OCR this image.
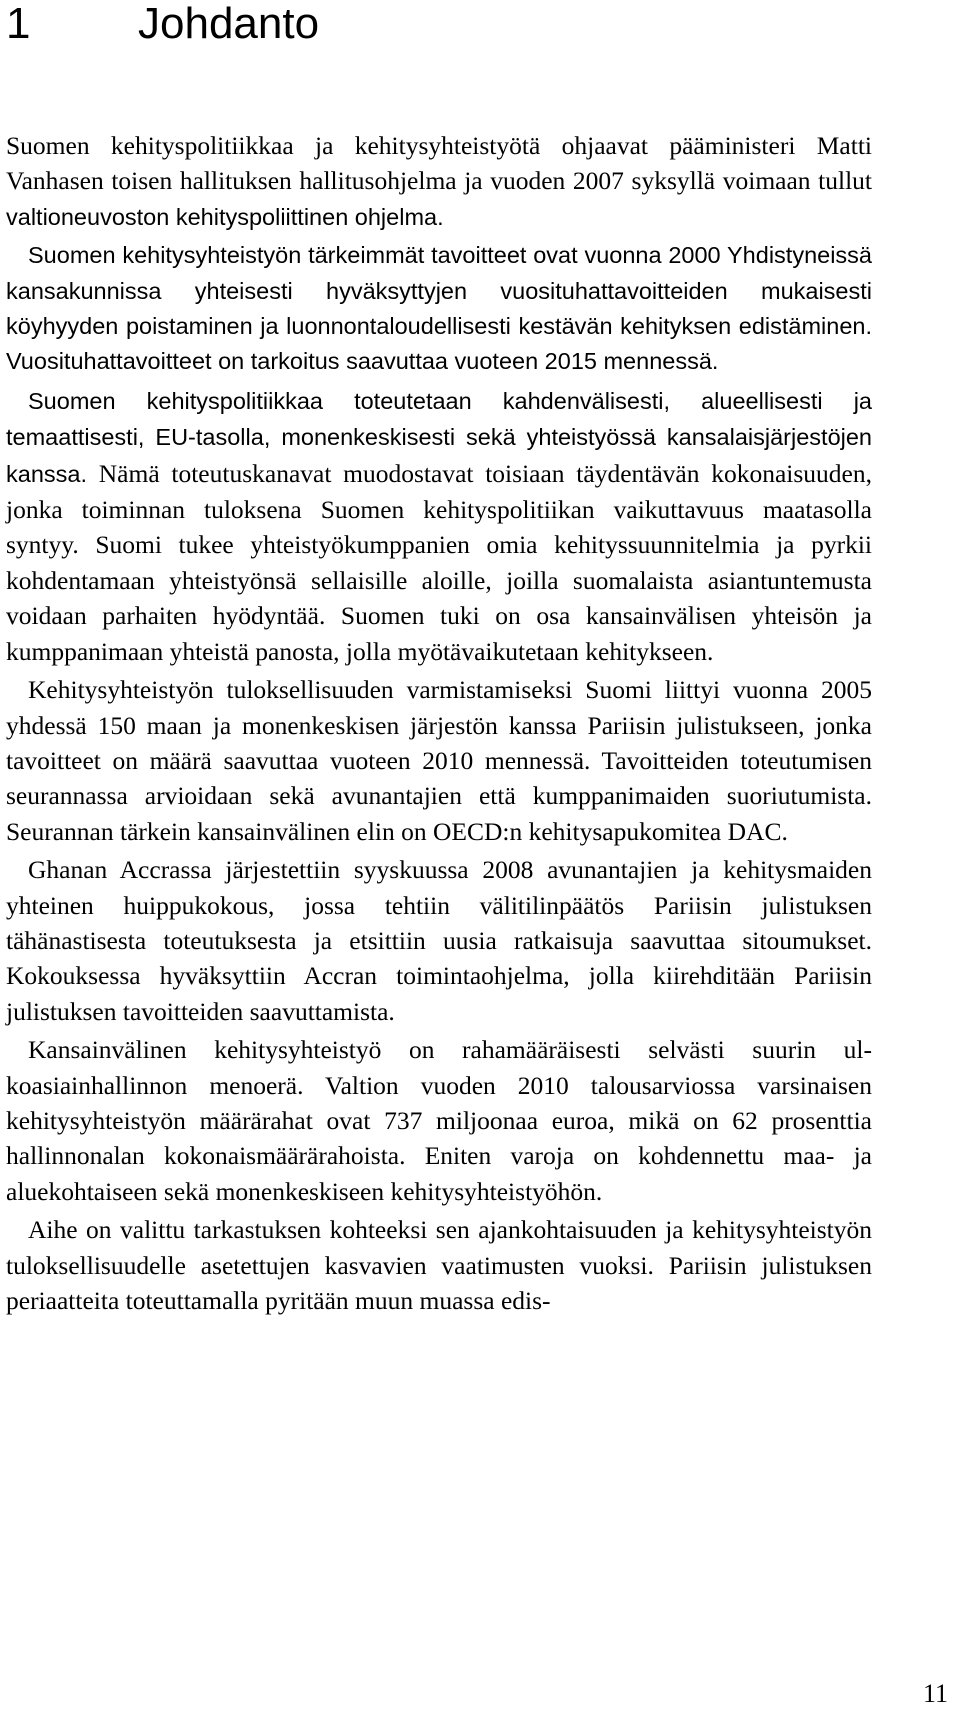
1 Johdanto

Suomen kehityspolitiikkaa ja kehitysyhteistyötä ohjaavat pääministeri Matti Vanhasen toisen hallituksen hallitusohjelma ja vuoden 2007 syksyllä voimaan tullut valtioneuvoston kehityspoliittinen ohjelma.

Suomen kehitysyhteistyön tärkeimmät tavoitteet ovat vuonna 2000 Yhdistyneissä kansakunnissa yhteisesti hyväksyttyjen vuosituhattavoitteiden mukaisesti köyhyyden poistaminen ja luonnontaloudellisesti kestävän kehityksen edistäminen. Vuosituhattavoitteet on tarkoitus saavuttaa vuoteen 2015 mennessä.

Suomen kehityspolitiikkaa toteutetaan kahdenvälisesti, alueellisesti ja temaattisesti, EU-tasolla, monenkeskisesti sekä yhteistyössä kansalaisjärjestöjen kanssa. Nämä toteutuskanavat muodostavat toisiaan täydentävän kokonaisuuden, jonka toiminnan tuloksena Suomen kehityspolitiikan vaikuttavuus maatasolla syntyy. Suomi tukee yhteistyökumppanien omia kehityssuunnitelmia ja pyrkii kohdentamaan yhteistyönsä sellaisille aloille, joilla suomalaista asiantuntemusta voidaan parhaiten hyödyntää. Suomen tuki on osa kansainvälisen yhteisön ja kumppanimaan yhteistä panosta, jolla myötävaikutetaan kehitykseen.

Kehitysyhteistyön tuloksellisuuden varmistamiseksi Suomi liittyi vuonna 2005 yhdessä 150 maan ja monenkeskisen järjestön kanssa Pariisin julistukseen, jonka tavoitteet on määrä saavuttaa vuoteen 2010 mennessä. Tavoitteiden toteutumisen seurannassa arvioidaan sekä avunantajien että kumppanimaiden suoriutumista. Seurannan tärkein kansainvälinen elin on OECD:n kehitysapukomitea DAC.

Ghanan Accrassa järjestettiin syyskuussa 2008 avunantajien ja kehitysmaiden yhteinen huippukokous, jossa tehtiin välitilinpäätös Pariisin julistuksen tähänastisesta toteutuksesta ja etsittiin uusia ratkaisuja saavuttaa sitoumukset. Kokouksessa hyväksyttiin Accran toimintaohjelma, jolla kiirehditään Pariisin julistuksen tavoitteiden saavuttamista.

Kansainvälinen kehitysyhteistyö on rahamääräisesti selvästi suurin ulkoasiainhallinnon menoerä. Valtion vuoden 2010 talousarviossa varsinaisen kehitysyhteistyön määrärahat ovat 737 miljoonaa euroa, mikä on 62 prosenttia hallinnonalan kokonaismäärärahoista. Eniten varoja on kohdennettu maa- ja aluekohtaiseen sekä monenkeskiseen kehitysyhteistyöhön.

Aihe on valittu tarkastuksen kohteeksi sen ajankohtaisuuden ja kehitysyhteistyön tuloksellisuudelle asetettujen kasvavien vaatimusten vuoksi. Pariisin julistuksen periaatteita toteuttamalla pyritään muun muassa edis-

11
